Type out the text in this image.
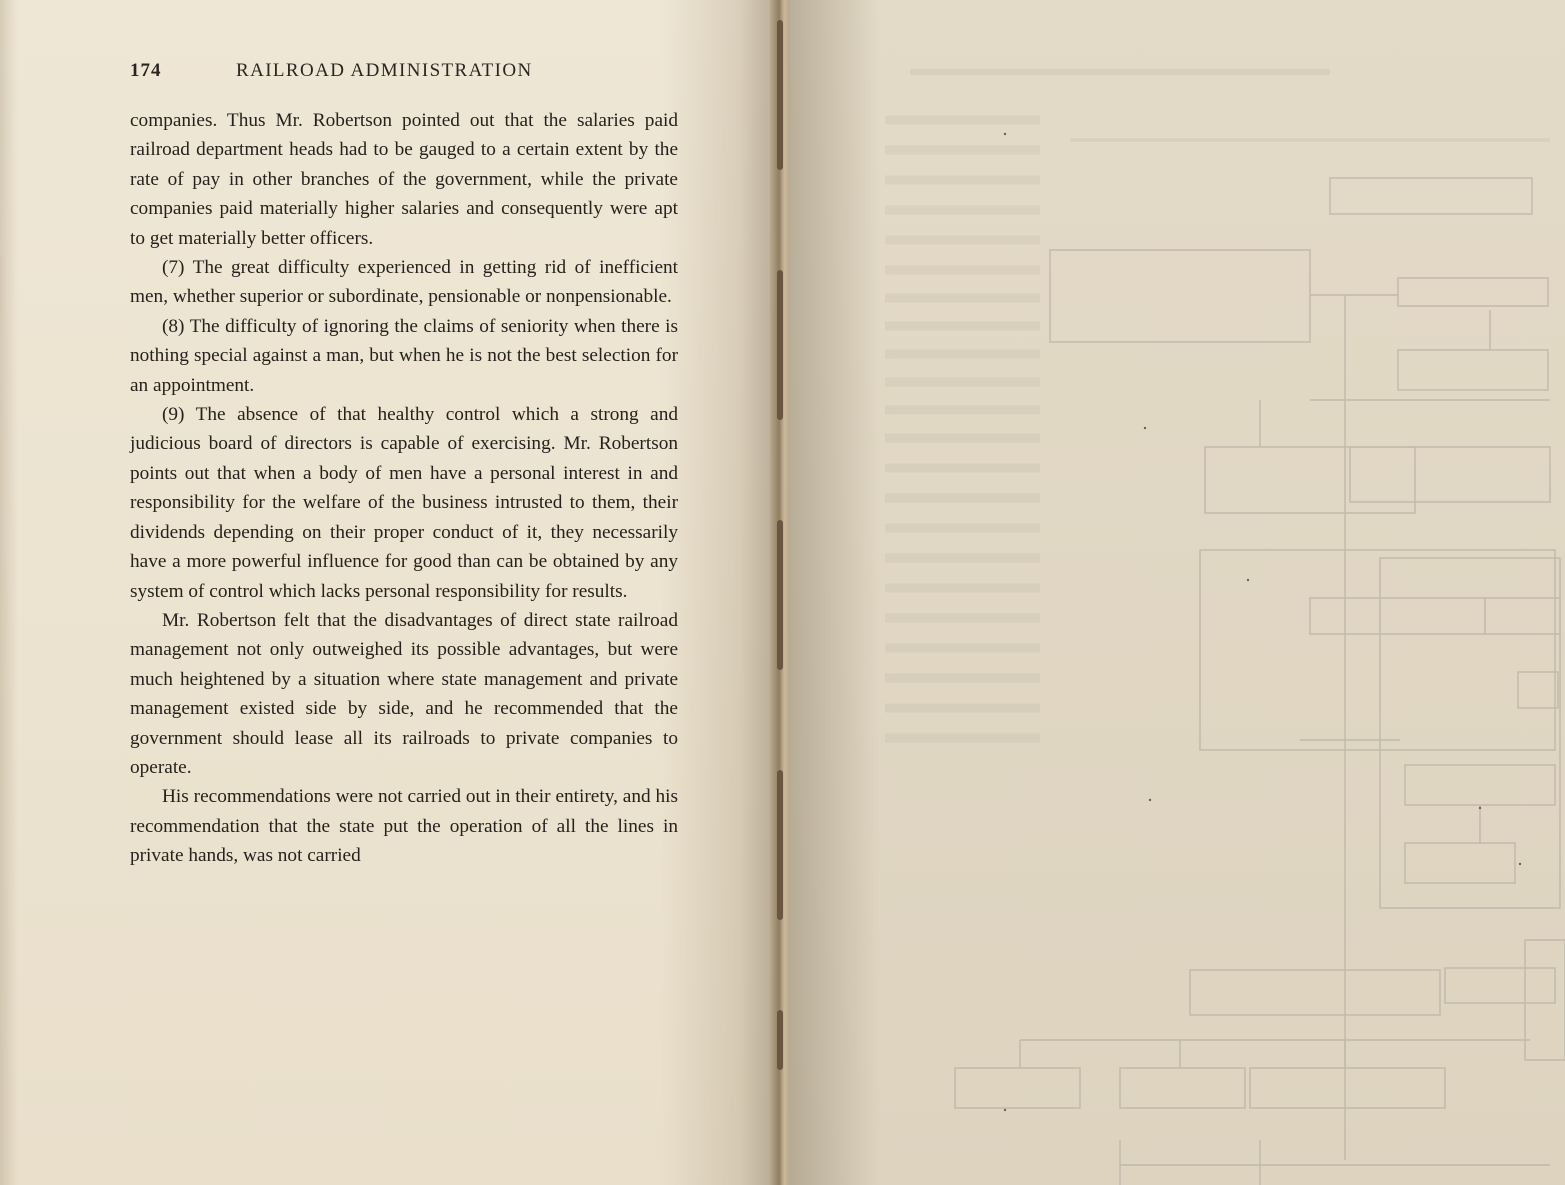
174	RAILROAD ADMINISTRATION

companies. Thus Mr. Robertson pointed out that the salaries paid railroad department heads had to be gauged to a certain extent by the rate of pay in other branches of the government, while the private companies paid materially higher salaries and consequently were apt to get materially better officers.

(7) The great difficulty experienced in getting rid of inefficient men, whether superior or subordinate, pensionable or nonpensionable.

(8) The difficulty of ignoring the claims of seniority when there is nothing special against a man, but when he is not the best selection for an appointment.

(9) The absence of that healthy control which a strong and judicious board of directors is capable of exercising. Mr. Robertson points out that when a body of men have a personal interest in and responsibility for the welfare of the business intrusted to them, their dividends depending on their proper conduct of it, they necessarily have a more powerful influence for good than can be obtained by any system of control which lacks personal responsibility for results.

Mr. Robertson felt that the disadvantages of direct state railroad management not only outweighed its possible advantages, but were much heightened by a situation where state management and private management existed side by side, and he recommended that the government should lease all its railroads to private companies to operate.

His recommendations were not carried out in their entirety, and his recommendation that the state put the operation of all the lines in private hands, was not carried
